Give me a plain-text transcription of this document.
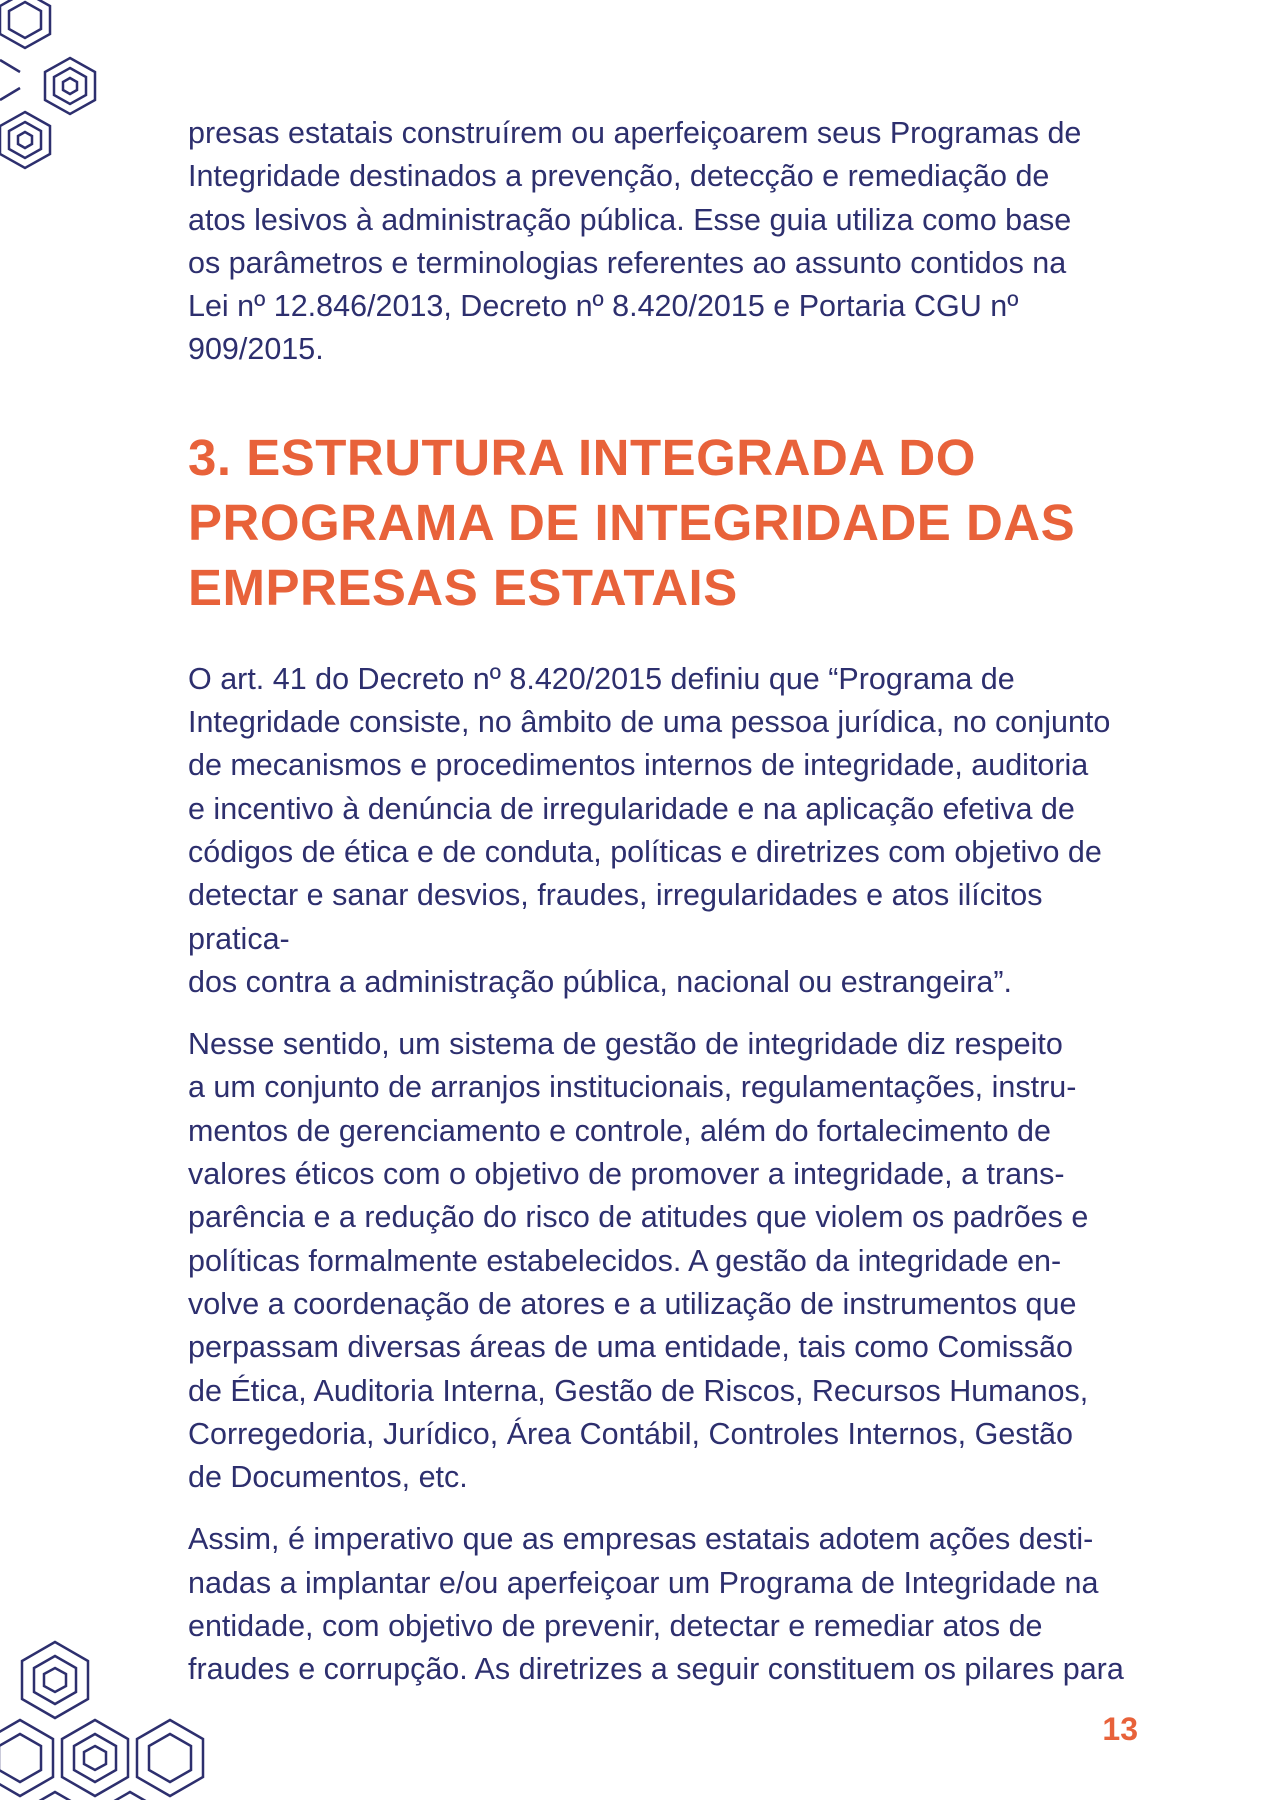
presas estatais construírem ou aperfeiçoarem seus Programas de
Integridade destinados a prevenção, detecção e remediação de
atos lesivos à administração pública. Esse guia utiliza como base
os parâmetros e terminologias referentes ao assunto contidos na
Lei nº 12.846/2013, Decreto nº 8.420/2015 e Portaria CGU nº
909/2015.

3. ESTRUTURA INTEGRADA DO
PROGRAMA DE INTEGRIDADE DAS
EMPRESAS ESTATAIS

O art. 41 do Decreto nº 8.420/2015 definiu que “Programa de
Integridade consiste, no âmbito de uma pessoa jurídica, no conjunto
de mecanismos e procedimentos internos de integridade, auditoria
e incentivo à denúncia de irregularidade e na aplicação efetiva de
códigos de ética e de conduta, políticas e diretrizes com objetivo de
detectar e sanar desvios, fraudes, irregularidades e atos ilícitos pratica-
dos contra a administração pública, nacional ou estrangeira”.

Nesse sentido, um sistema de gestão de integridade diz respeito
a um conjunto de arranjos institucionais, regulamentações, instru-
mentos de gerenciamento e controle, além do fortalecimento de
valores éticos com o objetivo de promover a integridade, a trans-
parência e a redução do risco de atitudes que violem os padrões e
políticas formalmente estabelecidos. A gestão da integridade en-
volve a coordenação de atores e a utilização de instrumentos que
perpassam diversas áreas de uma entidade, tais como Comissão
de Ética, Auditoria Interna, Gestão de Riscos, Recursos Humanos,
Corregedoria, Jurídico, Área Contábil, Controles Internos, Gestão
de Documentos, etc.

Assim, é imperativo que as empresas estatais adotem ações desti-
nadas a implantar e/ou aperfeiçoar um Programa de Integridade na
entidade, com objetivo de prevenir, detectar e remediar atos de
fraudes e corrupção. As diretrizes a seguir constituem os pilares para

13
